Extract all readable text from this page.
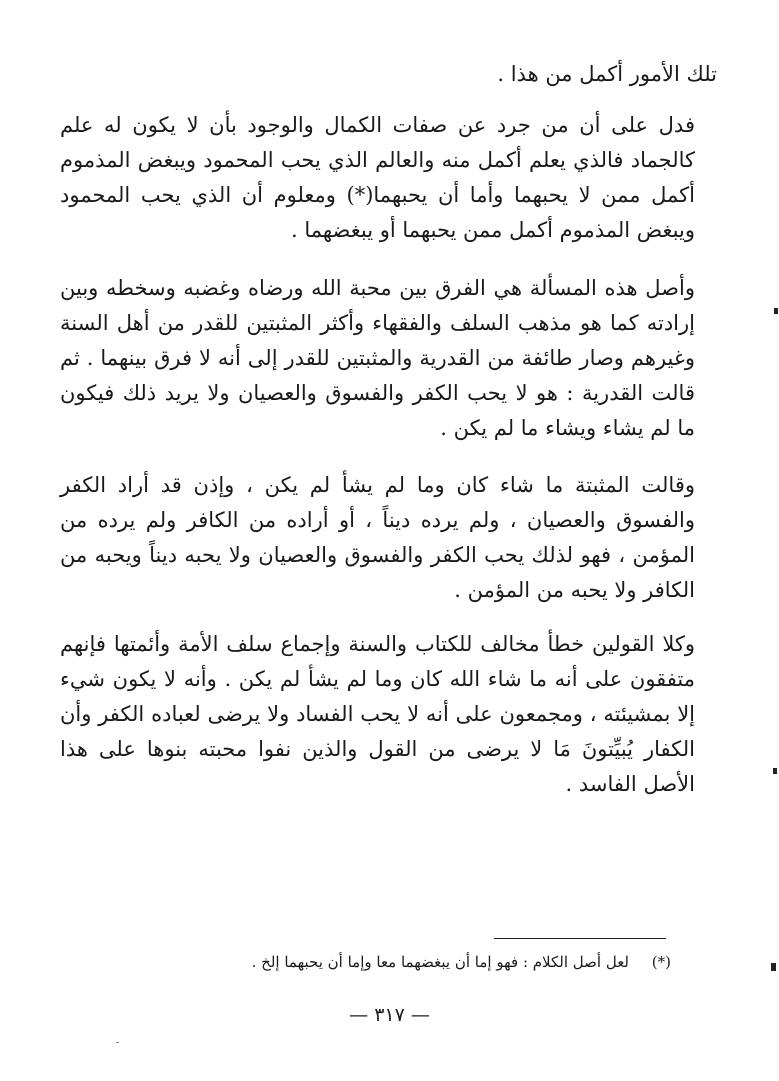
تلك الأمور أكمل من هذا .

فدل على أن من جرد عن صفات الكمال والوجود بأن لا يكون له علم كالجماد فالذي يعلم أكمل منه والعالم الذي يحب المحمود ويبغض المذموم أكمل ممن لا يحبهما وأما أن يحبهما(*) ومعلوم أن الذي يحب المحمود ويبغض المذموم أكمل ممن يحبهما أو يبغضهما .

وأصل هذه المسألة هي الفرق بين محبة الله ورضاه وغضبه وسخطه وبين إرادته كما هو مذهب السلف والفقهاء وأكثر المثبتين للقدر من أهل السنة وغيرهم وصار طائفة من القدرية والمثبتين للقدر إلى أنه لا فرق بينهما . ثم قالت القدرية : هو لا يحب الكفر والفسوق والعصيان ولا يريد ذلك فيكون ما لم يشاء ويشاء ما لم يكن .

وقالت المثبتة ما شاء كان وما لم يشأ لم يكن ، وإذن قد أراد الكفر والفسوق والعصيان ، ولم يرده ديناً ، أو أراده من الكافر ولم يرده من المؤمن ، فهو لذلك يحب الكفر والفسوق والعصيان ولا يحبه ديناً ويحبه من الكافر ولا يحبه من المؤمن .

وكلا القولين خطأ مخالف للكتاب والسنة وإجماع سلف الأمة وأئمتها فإنهم متفقون على أنه ما شاء الله كان وما لم يشأ لم يكن . وأنه لا يكون شيء إلا بمشيئته ، ومجمعون على أنه لا يحب الفساد ولا يرضى لعباده الكفر وأن الكفار يُبيِّتونَ مَا لا يرضى من القول والذين نفوا محبته بنوها على هذا الأصل الفاسد .

(*) لعل أصل الكلام : فهو إما أن يبغضهما معا وإما أن يحبهما إلخ .
— ٣١٧ —
